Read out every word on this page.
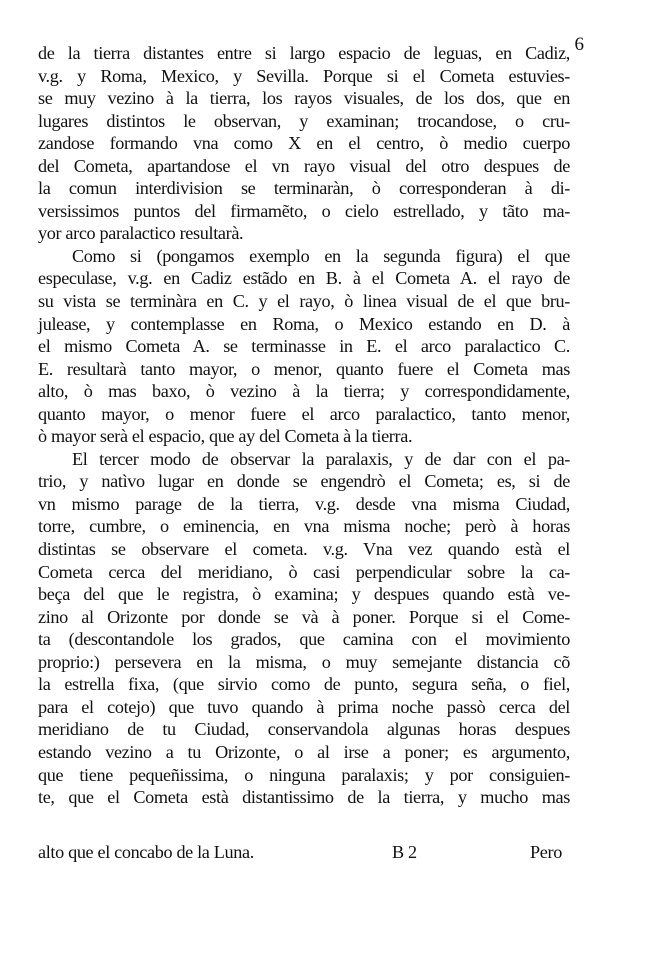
6
de la tierra distantes entre si largo espacio de leguas, en Cadiz,
v.g. y Roma, Mexico, y Sevilla. Porque si el Cometa estuvies-
se muy vezino à la tierra, los rayos visuales, de los dos, que en
lugares distintos le observan, y examinan; trocandose, o cru-
zandose formando vna como X en el centro, ò medio cuerpo
del Cometa, apartandose el vn rayo visual del otro despues de
la comun interdivision se terminaràn, ò corresponderan à di-
versissimos puntos del firmamẽto, o cielo estrellado, y tãto ma-
yor arco paralactico resultarà.
Como si (pongamos exemplo en la segunda figura) el que
especulase, v.g. en Cadiz estãdo en B. à el Cometa A. el rayo de
su vista se terminàra en C. y el rayo, ò linea visual de el que bru-
julease, y contemplasse en Roma, o Mexico estando en D. à
el mismo Cometa A. se terminasse in E. el arco paralactico C.
E. resultarà tanto mayor, o menor, quanto fuere el Cometa mas
alto, ò mas baxo, ò vezino à la tierra; y correspondidamente,
quanto mayor, o menor fuere el arco paralactico, tanto menor,
ò mayor serà el espacio, que ay del Cometa à la tierra.
El tercer modo de observar la paralaxis, y de dar con el pa-
trio, y natìvo lugar en donde se engendrò el Cometa; es, si de
vn mismo parage de la tierra, v.g. desde vna misma Ciudad,
torre, cumbre, o eminencia, en vna misma noche; però à horas
distintas se observare el cometa. v.g. Vna vez quando està el
Cometa cerca del meridiano, ò casi perpendicular sobre la ca-
beça del que le registra, ò examina; y despues quando està ve-
zino al Orizonte por donde se và à poner. Porque si el Come-
ta (descontandole los grados, que camina con el movimiento
proprio:) persevera en la misma, o muy semejante distancia cõ
la estrella fixa, (que sirvio como de punto, segura seña, o fiel,
para el cotejo) que tuvo quando à prima noche passò cerca del
meridiano de tu Ciudad, conservandola algunas horas despues
estando vezino a tu Orizonte, o al irse a poner; es argumento,
que tiene pequeñissima, o ninguna paralaxis; y por consiguien-
te, que el Cometa està distantissimo de la tierra, y mucho mas
alto que el concabo de la Luna.	B 2	Pero
